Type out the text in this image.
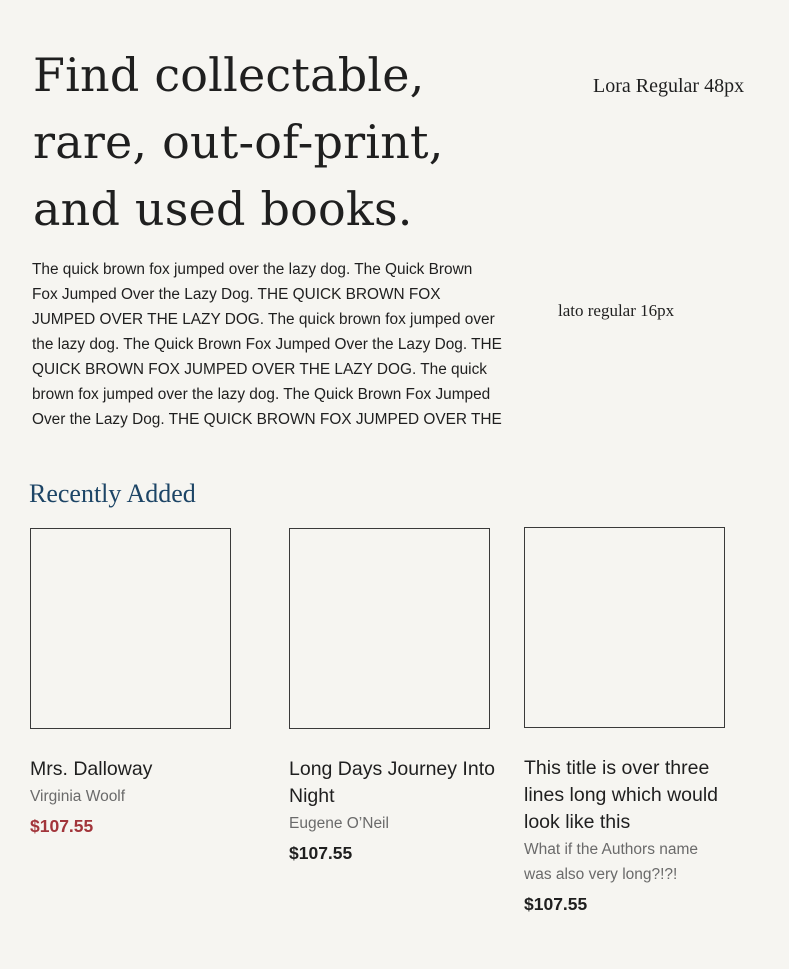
Find collectable, rare, out-of-print, and used books.

Lora Regular 48px

The quick brown fox jumped over the lazy dog. The Quick Brown Fox Jumped Over the Lazy Dog. THE QUICK BROWN FOX JUMPED OVER THE LAZY DOG. The quick brown fox jumped over the lazy dog. The Quick Brown Fox Jumped Over the Lazy Dog. THE QUICK BROWN FOX JUMPED OVER THE LAZY DOG. The quick brown fox jumped over the lazy dog. The Quick Brown Fox Jumped Over the Lazy Dog. THE QUICK BROWN FOX JUMPED OVER THE

lato regular 16px

Recently Added

Mrs. Dalloway

Virginia Woolf

$107.55

Long Days Journey Into Night

Eugene O’Neil

$107.55

This title is over three lines long which would look like this

What if the Authors name was also very long?!?!

$107.55
